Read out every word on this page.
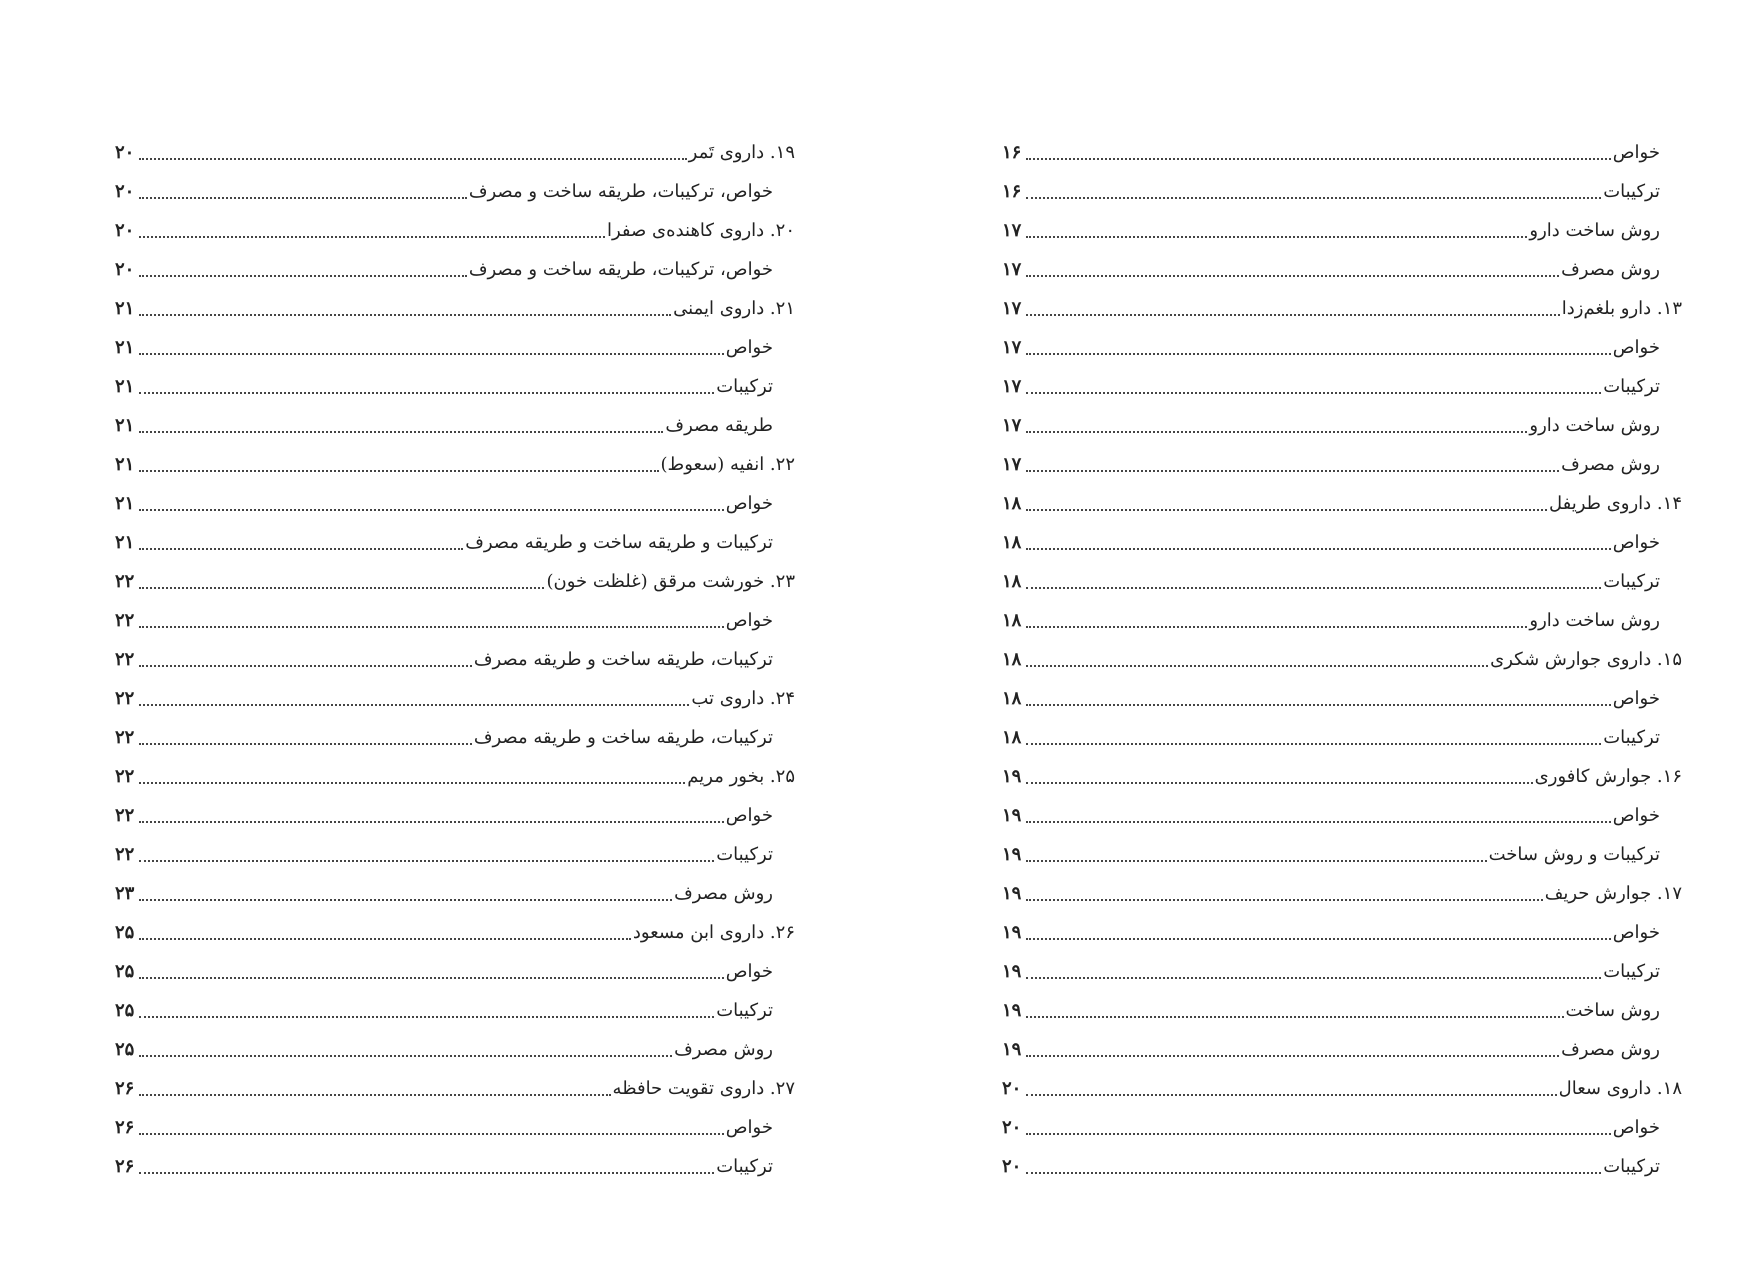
۱۹. داروی تَمر
۲۰
خواص، ترکیبات، طریقه ساخت و مصرف
۲۰
۲۰. داروی کاهنده‌ی صفرا
۲۰
خواص، ترکیبات، طریقه ساخت و مصرف
۲۰
۲۱. داروی ایمنی
۲۱
خواص
۲۱
ترکیبات
۲۱
طریقه مصرف
۲۱
۲۲. انفیه (سعوط)
۲۱
خواص
۲۱
ترکیبات و طریقه ساخت و طریقه مصرف
۲۱
۲۳. خورشت مرقق (غلظت خون)
۲۲
خواص
۲۲
ترکیبات، طریقه ساخت و طریقه مصرف
۲۲
۲۴. داروی تب
۲۲
ترکیبات، طریقه ساخت و طریقه مصرف
۲۲
۲۵. بخور مریم
۲۲
خواص
۲۲
ترکیبات
۲۲
روش مصرف
۲۳
۲۶. داروی ابن مسعود
۲۵
خواص
۲۵
ترکیبات
۲۵
روش مصرف
۲۵
۲۷. داروی تقویت حافظه
۲۶
خواص
۲۶
ترکیبات
۲۶
خواص
۱۶
ترکیبات
۱۶
روش ساخت دارو
۱۷
روش مصرف
۱۷
۱۳. دارو بلغم‌زدا
۱۷
خواص
۱۷
ترکیبات
۱۷
روش ساخت دارو
۱۷
روش مصرف
۱۷
۱۴. داروی طریفل
۱۸
خواص
۱۸
ترکیبات
۱۸
روش ساخت دارو
۱۸
۱۵. داروی جوارش شکری
۱۸
خواص
۱۸
ترکیبات
۱۸
۱۶. جوارش کافوری
۱۹
خواص
۱۹
ترکیبات و روش ساخت
۱۹
۱۷. جوارش حریف
۱۹
خواص
۱۹
ترکیبات
۱۹
روش ساخت
۱۹
روش مصرف
۱۹
۱۸. داروی سعال
۲۰
خواص
۲۰
ترکیبات
۲۰
